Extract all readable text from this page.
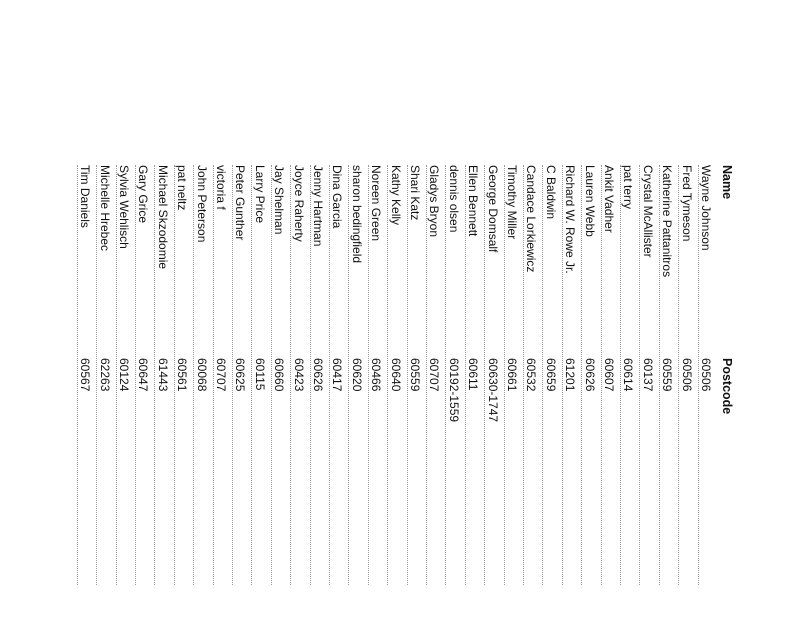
Name
Postcode
Wayne Johnson
60506
Fred Tymeson
60506
Katherine Pattanitros
60559
Crystal McAllister
60137
pat terry
60614
Ankit Vadher
60607
Lauren Webb
60626
Richard W. Rowe Jr.
61201
C Baldwin
60659
Candace Lorkiewicz
60532
Timothy Miller
60661
George Domsalf
60630-1747
Ellen Bennett
60611
dennis olsen
60192-1559
Gladys Bryon
60707
Shari Katz
60559
Kathy Kelly
60640
Noreen Green
60466
sharon bedingfield
60620
Dina Garcia
60417
Jenny Hartman
60626
Joyce Raherty
60423
Jay Shelman
60660
Larry Price
60115
Peter Gunther
60625
victoria f
60707
John Peterson
60068
pat neltz
60561
Michael Skzodomie
61443
Gary Grice
60647
Sylvia Wehlisch
60124
Michelle Hrebec
62263
Tim Daniels
60567
